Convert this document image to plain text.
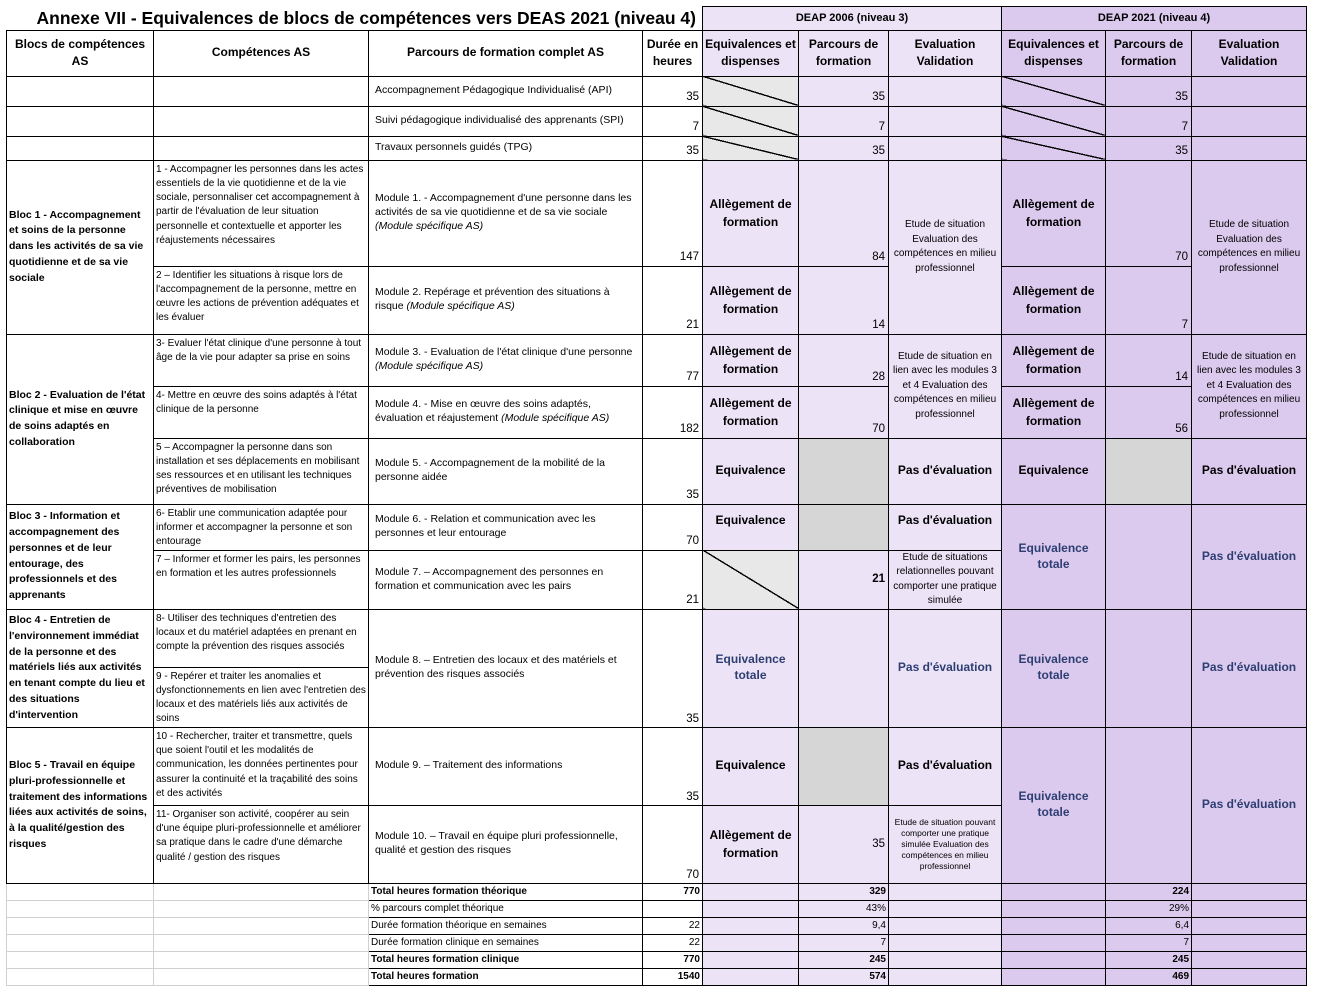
Annexe VII - Equivalences de blocs de compétences vers DEAS 2021 (niveau 4)				DEAP 2006 (niveau 3)			DEAP 2021 (niveau 4)		
Blocs de compétences AS	Compétences AS	Parcours de formation complet AS	Durée en heures	Equivalences et dispenses	Parcours de formation	Evaluation Validation	Equivalences et dispenses	Parcours de formation	Evaluation Validation
		Accompagnement Pédagogique Individualisé (API)	35		35			35	
		Suivi pédagogique individualisé des apprenants (SPI)	7		7			7	
		Travaux personnels guidés (TPG)	35		35			35	
Bloc 1 - Accompagnement et soins de la personne dans les activités de sa vie quotidienne et de sa vie sociale	1 - Accompagner les personnes dans les actes essentiels de la vie quotidienne et de la vie sociale, personnaliser cet accompagnement à partir de l'évaluation de leur situation personnelle et contextuelle et apporter les réajustements nécessaires	Module 1. - Accompagnement d'une personne dans les activités de sa vie quotidienne et de sa vie sociale (Module spécifique AS)	147	Allègement de formation	84	Etude de situation Evaluation des compétences en milieu professionnel	Allègement de formation	70	Etude de situation Evaluation des compétences en milieu professionnel
	2 – Identifier les situations à risque lors de l'accompagnement de la personne, mettre en œuvre les actions de prévention adéquates et les évaluer	Module 2. Repérage et prévention des situations à risque (Module spécifique AS)	21	Allègement de formation	14		Allègement de formation	7	
Bloc 2 - Evaluation de l'état clinique et mise en œuvre de soins adaptés en collaboration	3- Evaluer l'état clinique d'une personne à tout âge de la vie pour adapter sa prise en soins	Module 3. - Evaluation de l'état clinique d'une personne (Module spécifique AS)	77	Allègement de formation	28	Etude de situation en lien avec les modules 3 et 4 Evaluation des compétences en milieu professionnel	Allègement de formation	14	Etude de situation en lien avec les modules 3 et 4 Evaluation des compétences en milieu professionnel
	4- Mettre en œuvre des soins adaptés à l'état clinique de la personne	Module 4. - Mise en œuvre des soins adaptés, évaluation et réajustement (Module spécifique AS)	182	Allègement de formation	70		Allègement de formation	56	
	5 – Accompagner la personne dans son installation et ses déplacements en mobilisant ses ressources et en utilisant les techniques préventives de mobilisation	Module 5. - Accompagnement de la mobilité de la personne aidée	35	Equivalence		Pas d'évaluation	Equivalence		Pas d'évaluation
Bloc 3 - Information et accompagnement des personnes et de leur entourage, des professionnels et des apprenants	6- Etablir une communication adaptée pour informer et accompagner la personne et son entourage	Module 6. - Relation et communication avec les personnes et leur entourage	70	Equivalence		Pas d'évaluation	Equivalence totale		Pas d'évaluation
	7 – Informer et former les pairs, les personnes en formation et les autres professionnels	Module 7. – Accompagnement des personnes en formation et communication avec les pairs	21		21	Etude de situations relationnelles pouvant comporter une pratique simulée			
Bloc 4 - Entretien de l'environnement immédiat de la personne et des matériels liés aux activités en tenant compte du lieu et des situations d'intervention	8- Utiliser des techniques d'entretien des locaux et du matériel adaptées en prenant en compte la prévention des risques associés	Module 8. – Entretien des locaux et des matériels et prévention des risques associés	35	Equivalence totale		Pas d'évaluation	Equivalence totale		Pas d'évaluation
	9 - Repérer et traiter les anomalies et dysfonctionnements en lien avec l'entretien des locaux et des matériels liés aux activités de soins								
Bloc 5 - Travail en équipe pluri-professionnelle et traitement des informations liées aux activités de soins, à la qualité/gestion des risques	10 - Rechercher, traiter et transmettre, quels que soient l'outil et les modalités de communication, les données pertinentes pour assurer la continuité et la traçabilité des soins et des activités	Module 9. – Traitement des informations	35	Equivalence		Pas d'évaluation	Equivalence totale		Pas d'évaluation
	11- Organiser son activité, coopérer au sein d'une équipe pluri-professionnelle et améliorer sa pratique dans le cadre d'une démarche qualité / gestion des risques	Module 10. – Travail en équipe pluri professionnelle, qualité et gestion des risques	70	Allègement de formation	35	Etude de situation pouvant comporter une pratique simulée Evaluation des compétences en milieu professionnel			
		Total heures formation théorique	770		329			224	
		% parcours complet théorique			43%			29%	
		Durée formation théorique en semaines	22		9,4			6,4	
		Durée formation clinique en semaines	22		7			7	
		Total heures formation clinique	770		245			245	
		Total heures formation	1540		574			469	
